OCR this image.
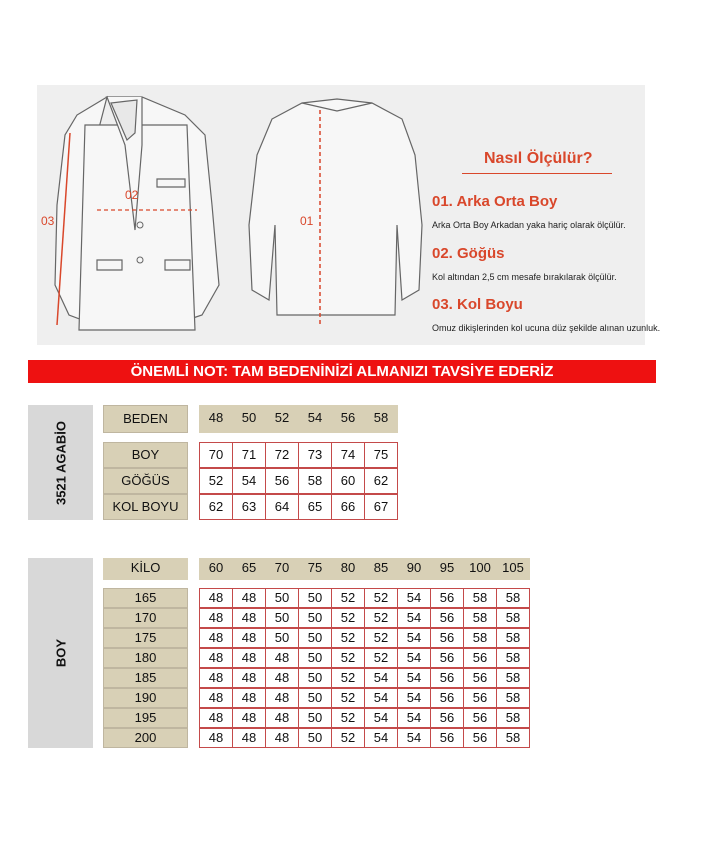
03
02
01
Nasıl Ölçülür?
01. Arka Orta Boy
Arka Orta Boy Arkadan yaka hariç olarak ölçülür.
02. Göğüs
Kol altından 2,5 cm mesafe bırakılarak ölçülür.
03. Kol Boyu
Omuz dikişlerinden kol ucuna düz şekilde alınan uzunluk.
ÖNEMLİ NOT: TAM BEDENİNİZİ ALMANIZI TAVSİYE EDERİZ
3521 AGABİO
BEDEN	48	50	52	54	56	58
BOY	70	71	72	73	74	75
GÖĞÜS	52	54	56	58	60	62
KOL BOYU	62	63	64	65	66	67
BOY
KİLO	60	65	70	75	80	85	90	95	100 105
165	48	48	50	50	52	52	54	56	58	58
170	48	48	50	50	52	52	54	56	58	58
175	48	48	50	50	52	52	54	56	58	58
180	48	48	48	50	52	52	54	56	56	58
185	48	48	48	50	52	54	54	56	56	58
190	48	48	48	50	52	54	54	56	56	58
195	48	48	48	50	52	54	54	56	56	58
200	48	48	48	50	52	54	54	56	56	58
